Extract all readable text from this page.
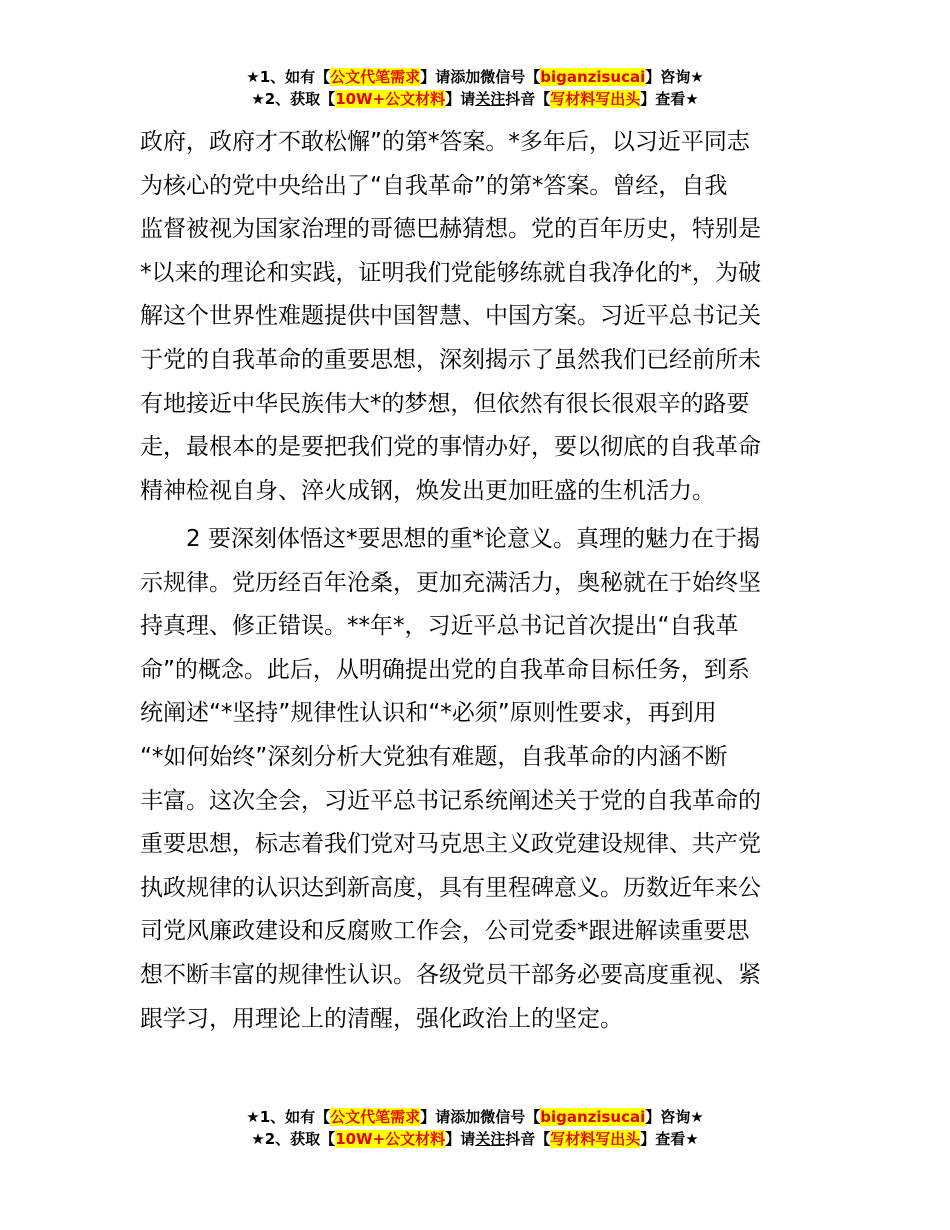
★1、如有【公文代笔需求】请添加微信号【biganzisucai】咨询★
★2、获取【10W+公文材料】请关注抖音【写材料写出头】查看★
政府，政府才不敢松懈”的第*答案。*多年后，以习近平同志
为核心的党中央给出了“自我革命”的第*答案。曾经，自我
监督被视为国家治理的哥德巴赫猜想。党的百年历史，特别是
*以来的理论和实践，证明我们党能够练就自我净化的*，为破
解这个世界性难题提供中国智慧、中国方案。习近平总书记关
于党的自我革命的重要思想，深刻揭示了虽然我们已经前所未
有地接近中华民族伟大*的梦想，但依然有很长很艰辛的路要
走，最根本的是要把我们党的事情办好，要以彻底的自我革命
精神检视自身、淬火成钢，焕发出更加旺盛的生机活力。
2 要深刻体悟这*要思想的重*论意义。真理的魅力在于揭
示规律。党历经百年沧桑，更加充满活力，奥秘就在于始终坚
持真理、修正错误。**年*，习近平总书记首次提出“自我革
命”的概念。此后，从明确提出党的自我革命目标任务，到系
统阐述“*坚持”规律性认识和“*必须”原则性要求，再到用
“*如何始终”深刻分析大党独有难题，自我革命的内涵不断
丰富。这次全会，习近平总书记系统阐述关于党的自我革命的
重要思想，标志着我们党对马克思主义政党建设规律、共产党
执政规律的认识达到新高度，具有里程碑意义。历数近年来公
司党风廉政建设和反腐败工作会，公司党委*跟进解读重要思
想不断丰富的规律性认识。各级党员干部务必要高度重视、紧
跟学习，用理论上的清醒，强化政治上的坚定。
★1、如有【公文代笔需求】请添加微信号【biganzisucai】咨询★
★2、获取【10W+公文材料】请关注抖音【写材料写出头】查看★
